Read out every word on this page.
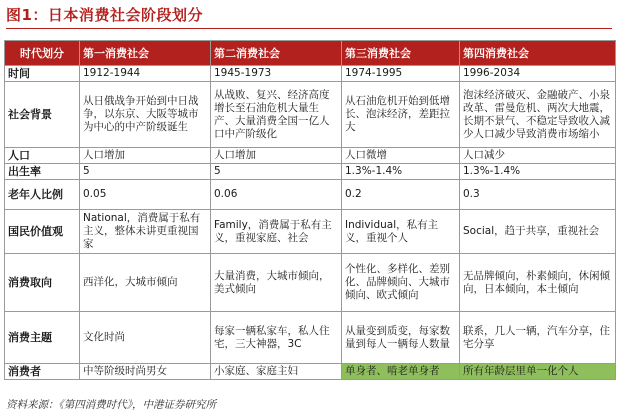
图1：日本消费社会阶段划分
时代划分	第一消费社会	第二消费社会	第三消费社会	第四消费社会
时间	1912-1944	1945-1973	1974-1995	1996-2034
社会背景	从日俄战争开始到中日战争，以东京、大阪等城市为中心的中产阶级诞生	从战败、复兴、经济高度增长至石油危机大量生产、大量消费全国一亿人口中产阶级化	从石油危机开始到低增长、泡沫经济，差距拉大	泡沫经济破灭、金融破产、小泉改革、雷曼危机、两次大地震，长期不景气、不稳定导致收入减少人口减少导致消费市场缩小
人口	人口增加	人口增加	人口微增	人口减少
出生率	5	5	1.3%-1.4%	1.3%-1.4%
老年人比例	0.05	0.06	0.2	0.3
国民价值观	National，消费属于私有主义，整体未讲更重视国家	Family，消费属于私有主义，重视家庭、社会	Individual，私有主义，重视个人	Social，趋于共享，重视社会
消费取向	西洋化，大城市倾向	大量消费，大城市倾向，美式倾向	个性化、多样化、差别化、品牌倾向、大城市倾向、欧式倾向	无品牌倾向，朴素倾向，休闲倾向，日本倾向，本土倾向
消费主题	文化时尚	每家一辆私家车，私人住宅，三大神器，3C	从量变到质变，每家数量到每人一辆每人数量	联系，几人一辆，汽车分享，住宅分享
消费者	中等阶级时尚男女	小家庭、家庭主妇	单身者、啃老单身者	所有年龄层里单一化个人
资料来源：《第四消费时代》，中港证券研究所
